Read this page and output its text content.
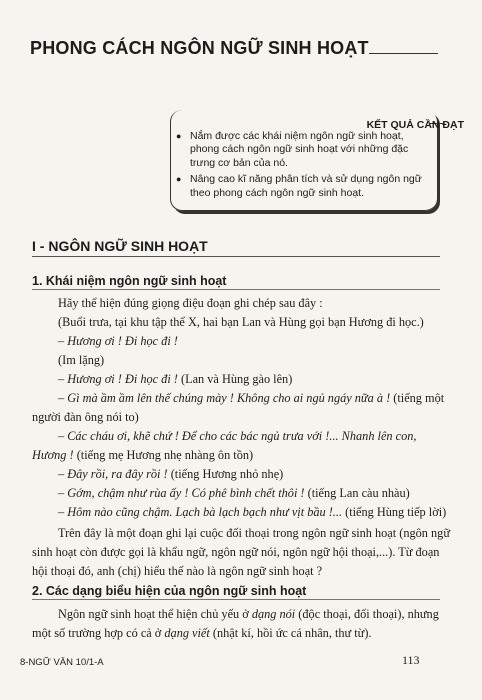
PHONG CÁCH NGÔN NGỮ SINH HOẠT
KẾT QUẢ CẦN ĐẠT
● Nắm được các khái niệm ngôn ngữ sinh hoạt, phong cách ngôn ngữ sinh hoạt với những đặc trưng cơ bản của nó.
● Nâng cao kĩ năng phân tích và sử dụng ngôn ngữ theo phong cách ngôn ngữ sinh hoạt.
I - NGÔN NGỮ SINH HOẠT
1. Khái niệm ngôn ngữ sinh hoạt

Hãy thể hiện đúng giọng điệu đoạn ghi chép sau đây :

(Buổi trưa, tại khu tập thể X, hai bạn Lan và Hùng gọi bạn Hương đi học.)

– Hương ơi ! Đi học đi !

(Im lặng)

– Hương ơi ! Đi học đi ! (Lan và Hùng gào lên)

– Gì mà ầm ầm lên thế chúng mày ! Không cho ai ngủ ngáy nữa à ! (tiếng một người đàn ông nói to)

– Các cháu ơi, khẽ chứ ! Để cho các bác ngủ trưa với !... Nhanh lên con, Hương ! (tiếng mẹ Hương nhẹ nhàng ôn tồn)

– Đây rồi, ra đây rồi ! (tiếng Hương nhỏ nhẹ)

– Gớm, chậm như rùa ấy ! Có phê bình chết thôi ! (tiếng Lan càu nhàu)

– Hôm nào cũng chậm. Lạch bà lạch bạch như vịt bầu !... (tiếng Hùng tiếp lời)

Trên đây là một đoạn ghi lại cuộc đối thoại trong ngôn ngữ sinh hoạt (ngôn ngữ sinh hoạt còn được gọi là khẩu ngữ, ngôn ngữ nói, ngôn ngữ hội thoại,...). Từ đoạn hội thoại đó, anh (chị) hiểu thế nào là ngôn ngữ sinh hoạt ?

2. Các dạng biểu hiện của ngôn ngữ sinh hoạt

Ngôn ngữ sinh hoạt thể hiện chủ yếu ở dạng nói (độc thoại, đối thoại), nhưng một số trường hợp có cả ở dạng viết (nhật kí, hồi ức cá nhân, thư từ).

8-NGỮ VĂN 10/1-A	113
